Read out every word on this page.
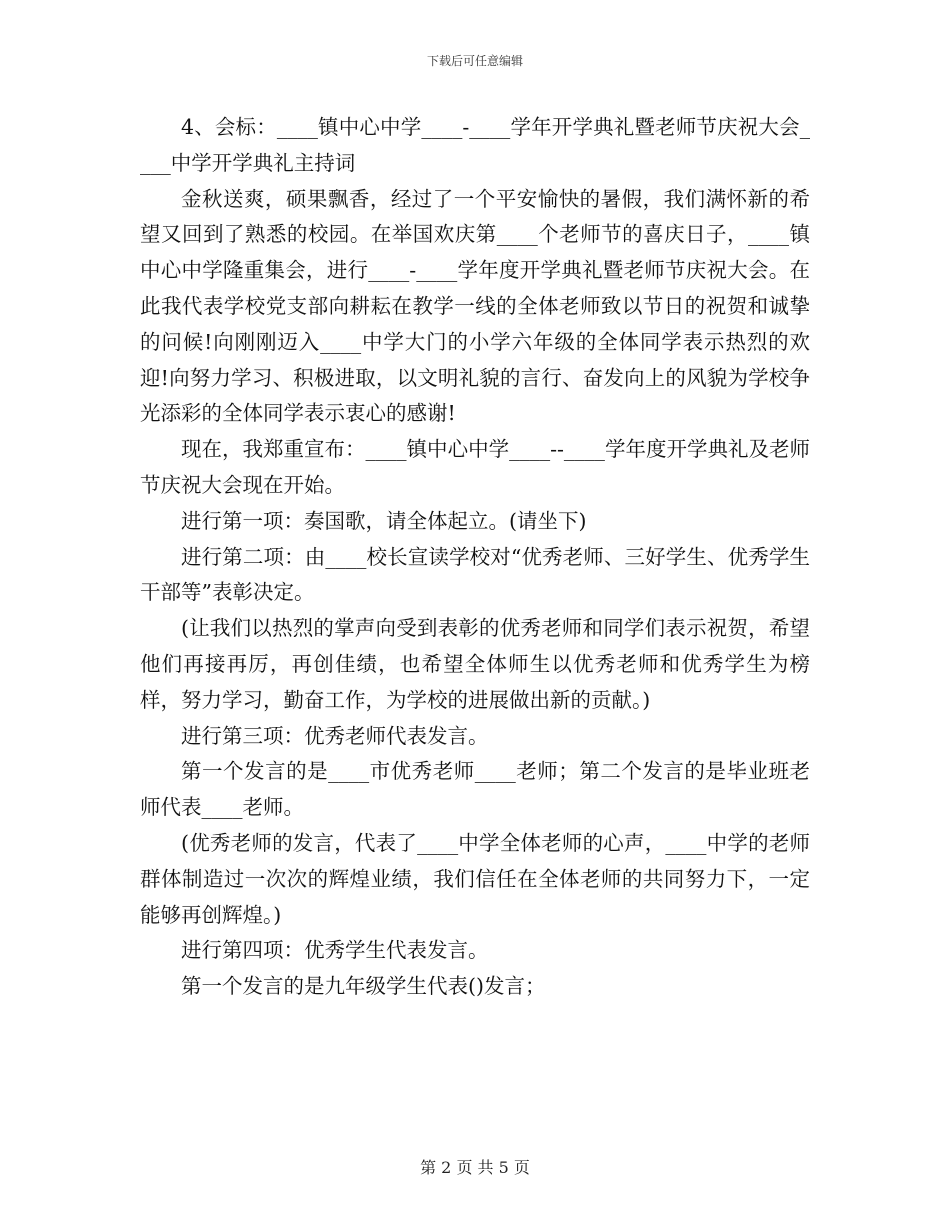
下载后可任意编辑

4、会标：____镇中心中学____-____学年开学典礼暨老师节庆祝大会____中学开学典礼主持词

金秋送爽，硕果飘香，经过了一个平安愉快的暑假，我们满怀新的希望又回到了熟悉的校园。在举国欢庆第____个老师节的喜庆日子，____镇中心中学隆重集会，进行____-____学年度开学典礼暨老师节庆祝大会。在此我代表学校党支部向耕耘在教学一线的全体老师致以节日的祝贺和诚挚的问候!向刚刚迈入____中学大门的小学六年级的全体同学表示热烈的欢迎!向努力学习、积极进取，以文明礼貌的言行、奋发向上的风貌为学校争光添彩的全体同学表示衷心的感谢!

现在，我郑重宣布：____镇中心中学____--____学年度开学典礼及老师节庆祝大会现在开始。

进行第一项：奏国歌，请全体起立。(请坐下)

进行第二项：由____校长宣读学校对“优秀老师、三好学生、优秀学生干部等”表彰决定。

(让我们以热烈的掌声向受到表彰的优秀老师和同学们表示祝贺，希望他们再接再厉，再创佳绩，也希望全体师生以优秀老师和优秀学生为榜样，努力学习，勤奋工作，为学校的进展做出新的贡献。)

进行第三项：优秀老师代表发言。

第一个发言的是____市优秀老师____老师；第二个发言的是毕业班老师代表____老师。

(优秀老师的发言，代表了____中学全体老师的心声，____中学的老师群体制造过一次次的辉煌业绩，我们信任在全体老师的共同努力下，一定能够再创辉煌。)

进行第四项：优秀学生代表发言。

第一个发言的是九年级学生代表()发言；

第 2 页 共 5 页
